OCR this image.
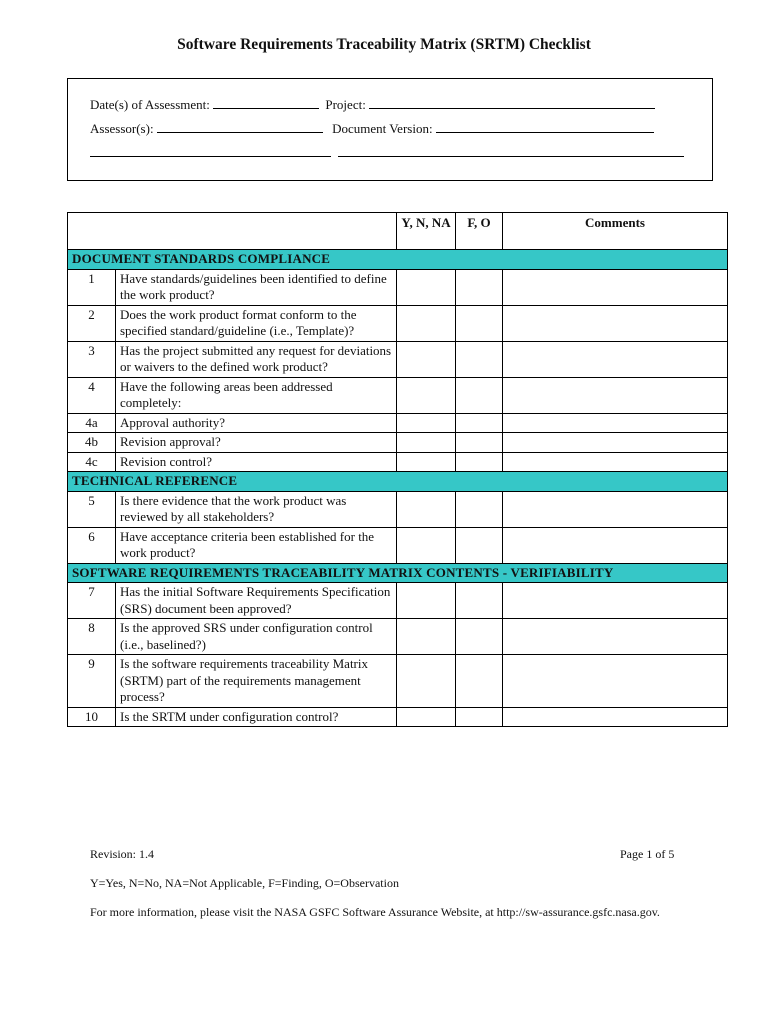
Software Requirements Traceability Matrix (SRTM) Checklist
Date(s) of Assessment:	Project:
Assessor(s):	Document Version:

		Y, N, NA	F, O	Comments
DOCUMENT STANDARDS COMPLIANCE				
1	Have standards/guidelines been identified to define the work product?			
2	Does the work product format conform to the specified standard/guideline (i.e., Template)?			
3	Has the project submitted any request for deviations or waivers to the defined work product?			
4	Have the following areas been addressed completely:			
4a	Approval authority?			
4b	Revision approval?			
4c	Revision control?			
TECHNICAL REFERENCE				
5	Is there evidence that the work product was reviewed by all stakeholders?			
6	Have acceptance criteria been established for the work product?			
SOFTWARE REQUIREMENTS TRACEABILITY MATRIX CONTENTS - VERIFIABILITY				
7	Has the initial Software Requirements Specification (SRS) document been approved?			
8	Is the approved SRS under configuration control (i.e., baselined?)			
9	Is the software requirements traceability Matrix (SRTM) part of the requirements management process?			
10	Is the SRTM under configuration control?			
Revision: 1.4	Page 1 of 5
Y=Yes, N=No, NA=Not Applicable, F=Finding, O=Observation
For more information, please visit the NASA GSFC Software Assurance Website, at http://sw-assurance.gsfc.nasa.gov.
